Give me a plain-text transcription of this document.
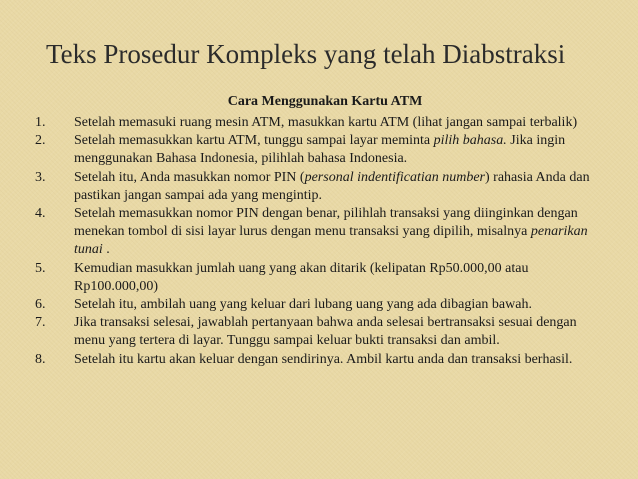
Teks Prosedur Kompleks yang telah Diabstraksi
Cara Menggunakan Kartu ATM
1. Setelah memasuki ruang mesin ATM, masukkan kartu ATM (lihat jangan sampai terbalik)
2. Setelah memasukkan kartu ATM, tunggu sampai layar meminta pilih bahasa. Jika ingin menggunakan Bahasa Indonesia, pilihlah bahasa Indonesia.
3. Setelah itu, Anda masukkan nomor PIN (personal indentificatian number) rahasia Anda dan pastikan jangan sampai ada yang mengintip.
4. Setelah memasukkan nomor PIN dengan benar, pilihlah transaksi yang diinginkan dengan menekan tombol di sisi layar lurus dengan menu transaksi yang dipilih, misalnya penarikan tunai .
5. Kemudian masukkan jumlah uang yang akan ditarik (kelipatan Rp50.000,00 atau Rp100.000,00)
6. Setelah itu, ambilah uang yang keluar dari lubang uang yang ada dibagian bawah.
7. Jika transaksi selesai, jawablah pertanyaan bahwa anda selesai bertransaksi sesuai dengan menu yang tertera di layar. Tunggu sampai keluar bukti transaksi dan ambil.
8. Setelah itu kartu akan keluar dengan sendirinya. Ambil kartu anda dan transaksi berhasil.
